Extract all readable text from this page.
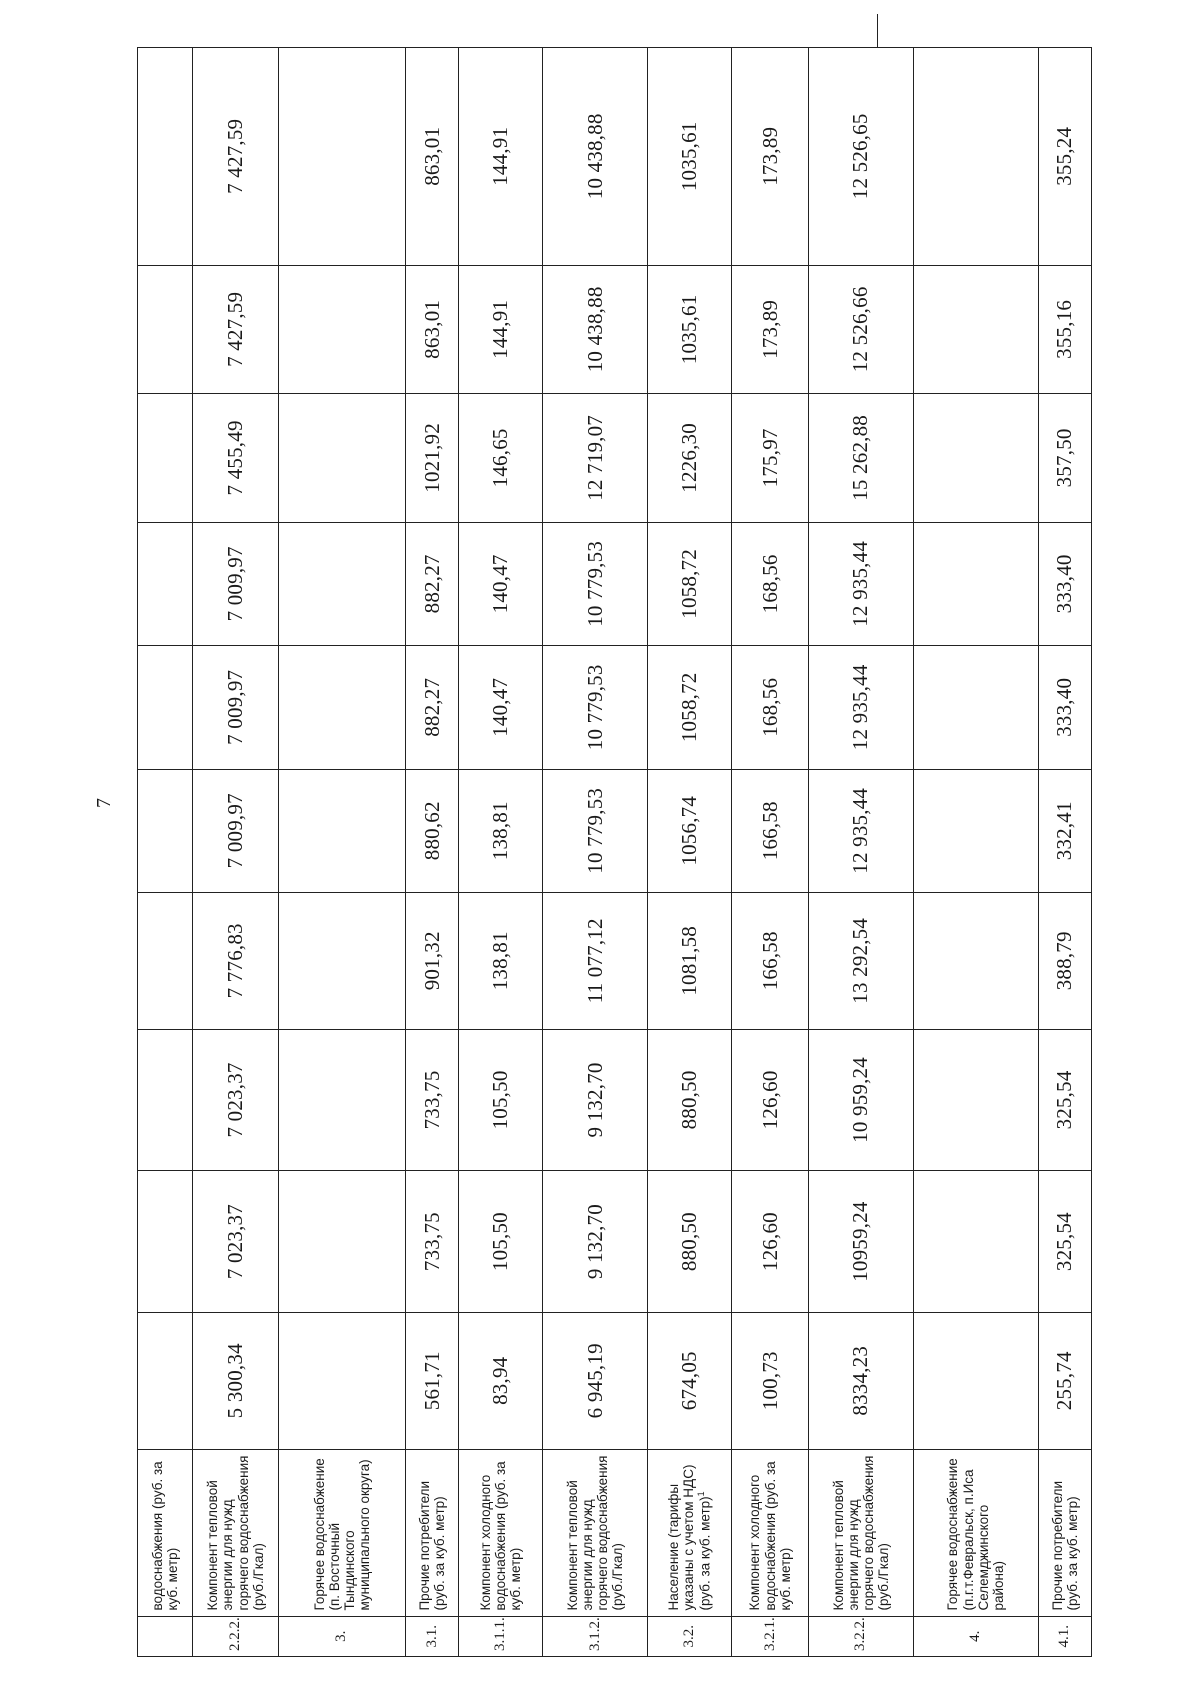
7
	водоснабжения (руб. за куб. метр)										
2.2.2.	Компонент тепловой энергии для нужд горячего водоснабжения (руб./Гкал)	5 300,34	7 023,37	7 023,37	7 776,83	7 009,97	7 009,97	7 009,97	7 455,49	7 427,59	7 427,59
3.	Горячее водоснабжение (п. Восточный Тындинского муниципального округа)										
3.1.	Прочие потребители (руб. за куб. метр)	561,71	733,75	733,75	901,32	880,62	882,27	882,27	1021,92	863,01	863,01
3.1.1.	Компонент холодного водоснабжения (руб. за куб. метр)	83,94	105,50	105,50	138,81	138,81	140,47	140,47	146,65	144,91	144,91
3.1.2.	Компонент тепловой энергии для нужд горячего водоснабжения (руб./Гкал)	6 945,19	9 132,70	9 132,70	11 077,12	10 779,53	10 779,53	10 779,53	12 719,07	10 438,88	10 438,88
3.2.	Население (тарифы указаны с учетом НДС) (руб. за куб. метр)$^1$	674,05	880,50	880,50	1081,58	1056,74	1058,72	1058,72	1226,30	1035,61	1035,61
3.2.1.	Компонент холодного водоснабжения (руб. за куб. метр)	100,73	126,60	126,60	166,58	166,58	168,56	168,56	175,97	173,89	173,89
3.2.2.	Компонент тепловой энергии для нужд горячего водоснабжения (руб./Гкал)	8334,23	10959,24	10 959,24	13 292,54	12 935,44	12 935,44	12 935,44	15 262,88	12 526,66	12 526,65
4.	Горячее водоснабжение (п.г.т.Февральск, п.Иса Селемджинского района)										
4.1.	Прочие потребители (руб. за куб. метр)	255,74	325,54	325,54	388,79	332,41	333,40	333,40	357,50	355,16	355,24
